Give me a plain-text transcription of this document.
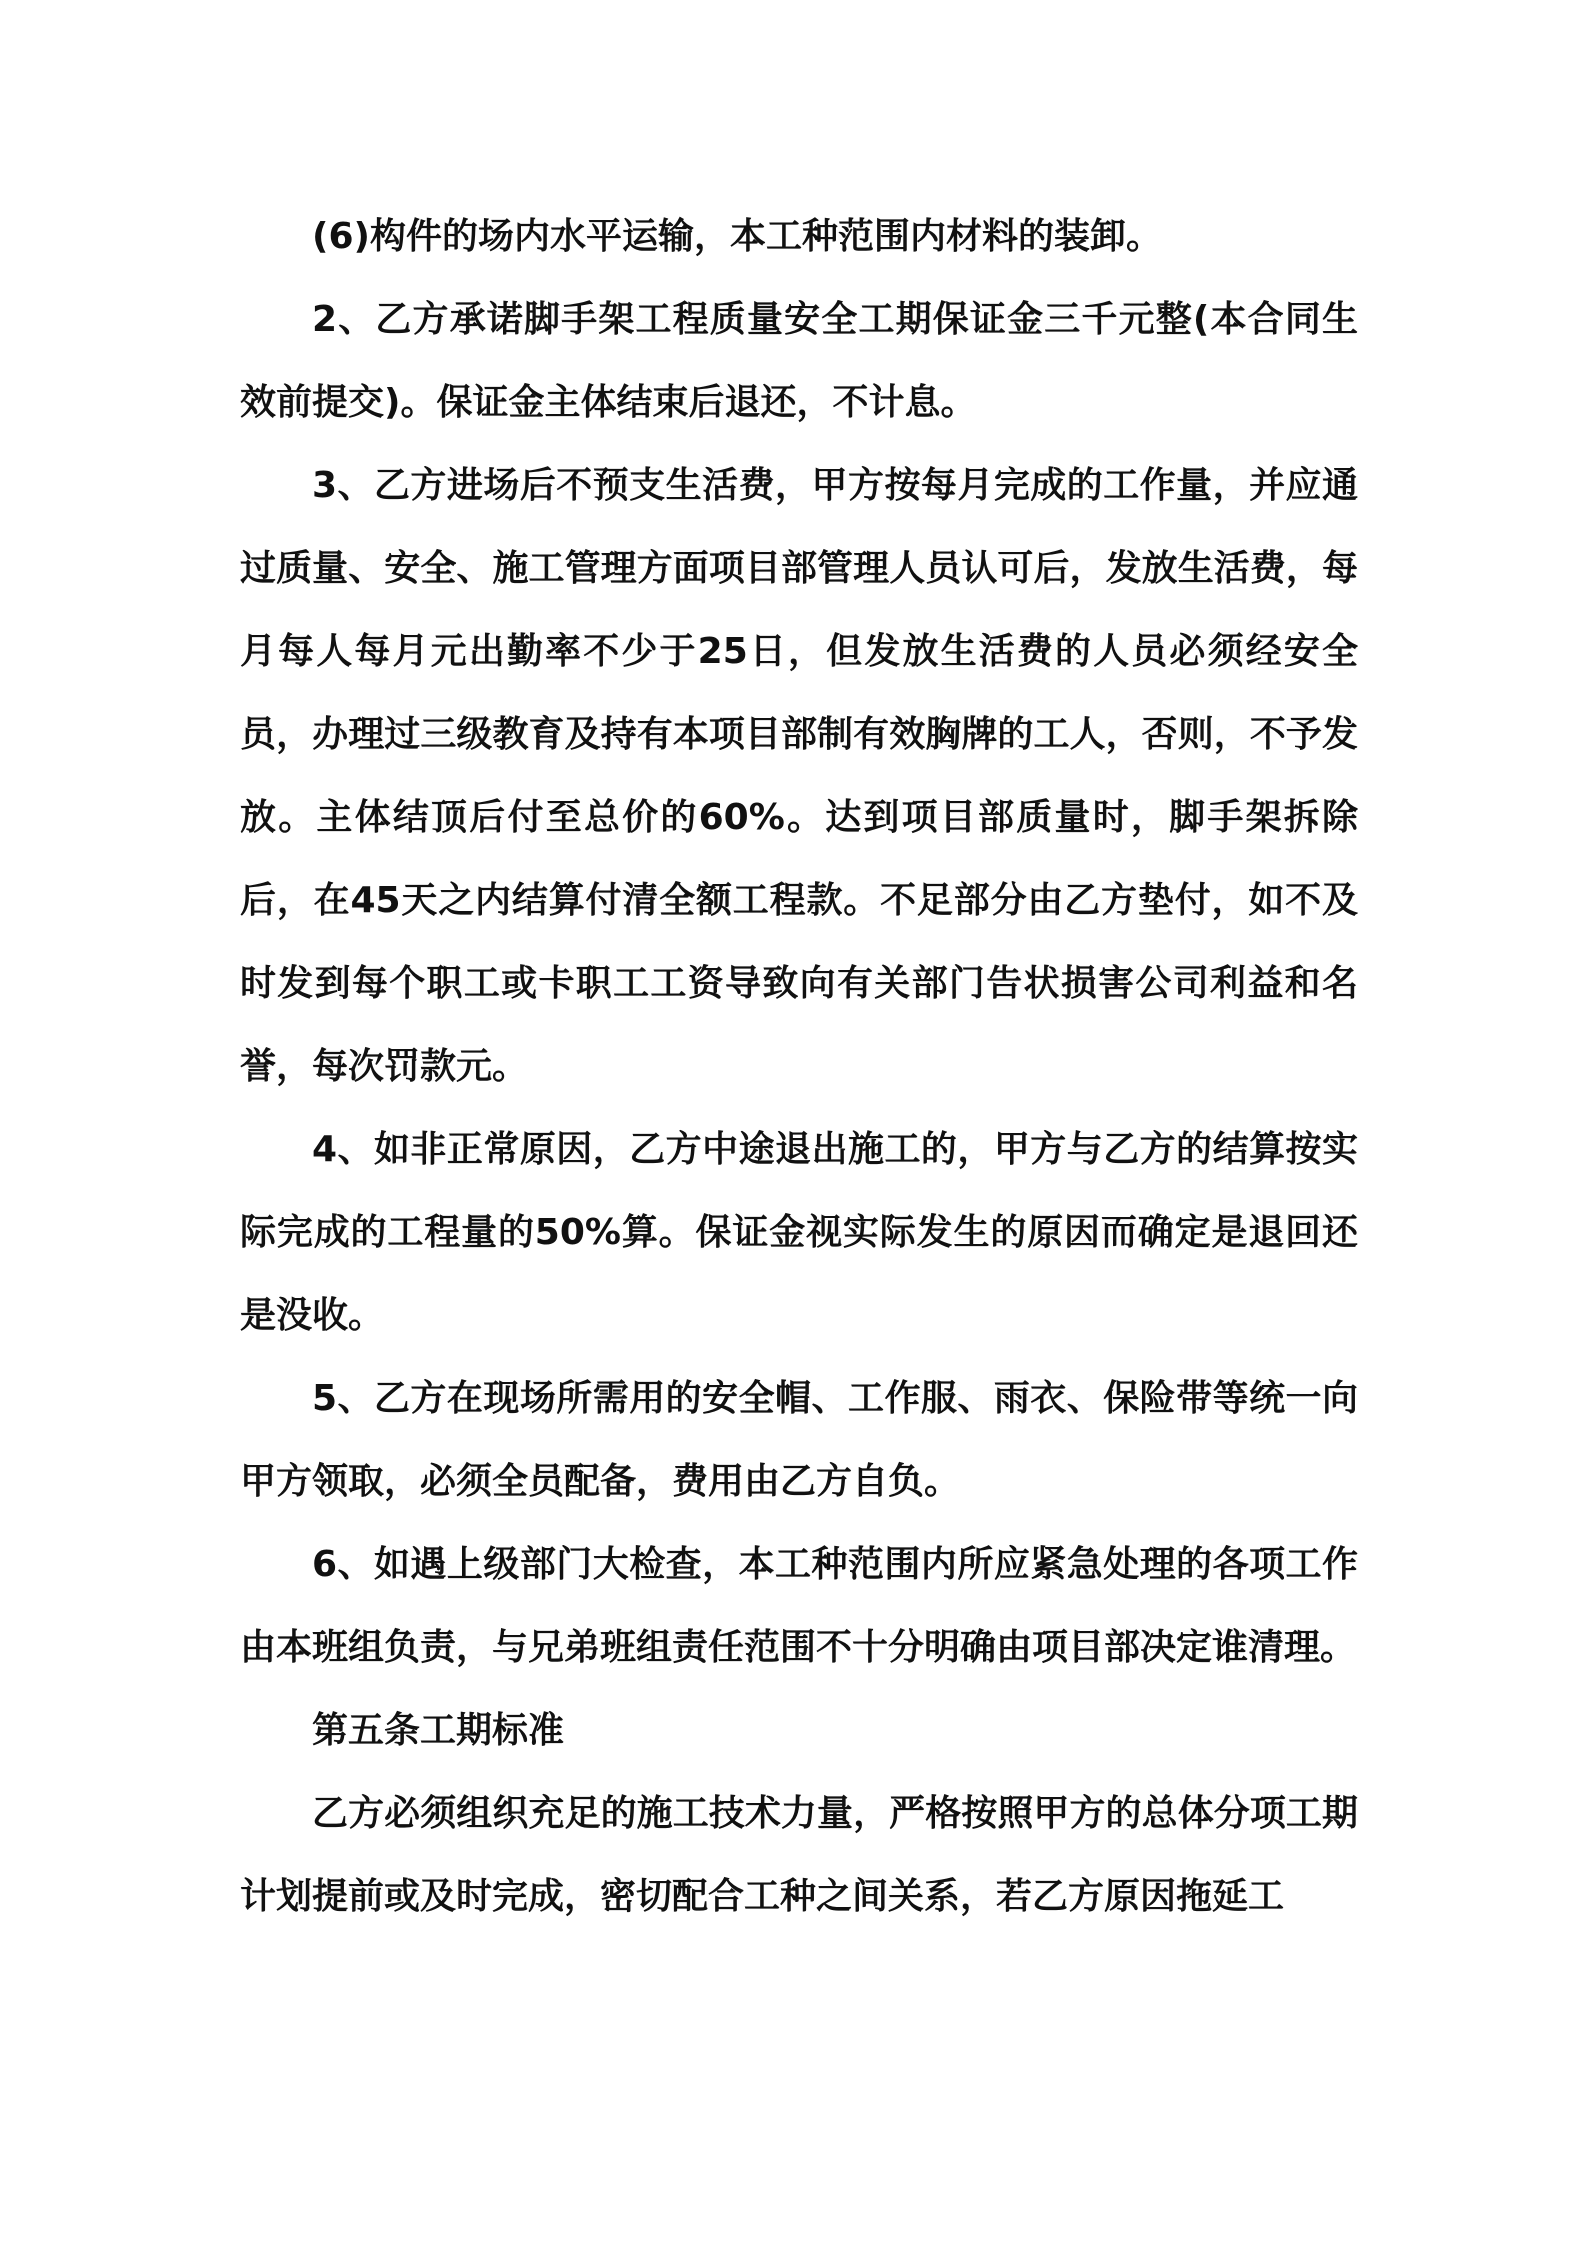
(6)构件的场内水平运输，本工种范围内材料的装卸。

2、乙方承诺脚手架工程质量安全工期保证金三千元整(本合同生效前提交)。保证金主体结束后退还，不计息。

3、乙方进场后不预支生活费，甲方按每月完成的工作量，并应通过质量、安全、施工管理方面项目部管理人员认可后，发放生活费，每月每人每月元出勤率不少于25日，但发放生活费的人员必须经安全员，办理过三级教育及持有本项目部制有效胸牌的工人，否则，不予发放。主体结顶后付至总价的60%。达到项目部质量时，脚手架拆除后，在45天之内结算付清全额工程款。不足部分由乙方垫付，如不及时发到每个职工或卡职工工资导致向有关部门告状损害公司利益和名誉，每次罚款元。

4、如非正常原因，乙方中途退出施工的，甲方与乙方的结算按实际完成的工程量的50%算。保证金视实际发生的原因而确定是退回还是没收。

5、乙方在现场所需用的安全帽、工作服、雨衣、保险带等统一向甲方领取，必须全员配备，费用由乙方自负。

6、如遇上级部门大检查，本工种范围内所应紧急处理的各项工作由本班组负责，与兄弟班组责任范围不十分明确由项目部决定谁清理。

第五条工期标准

乙方必须组织充足的施工技术力量，严格按照甲方的总体分项工期计划提前或及时完成，密切配合工种之间关系，若乙方原因拖延工
